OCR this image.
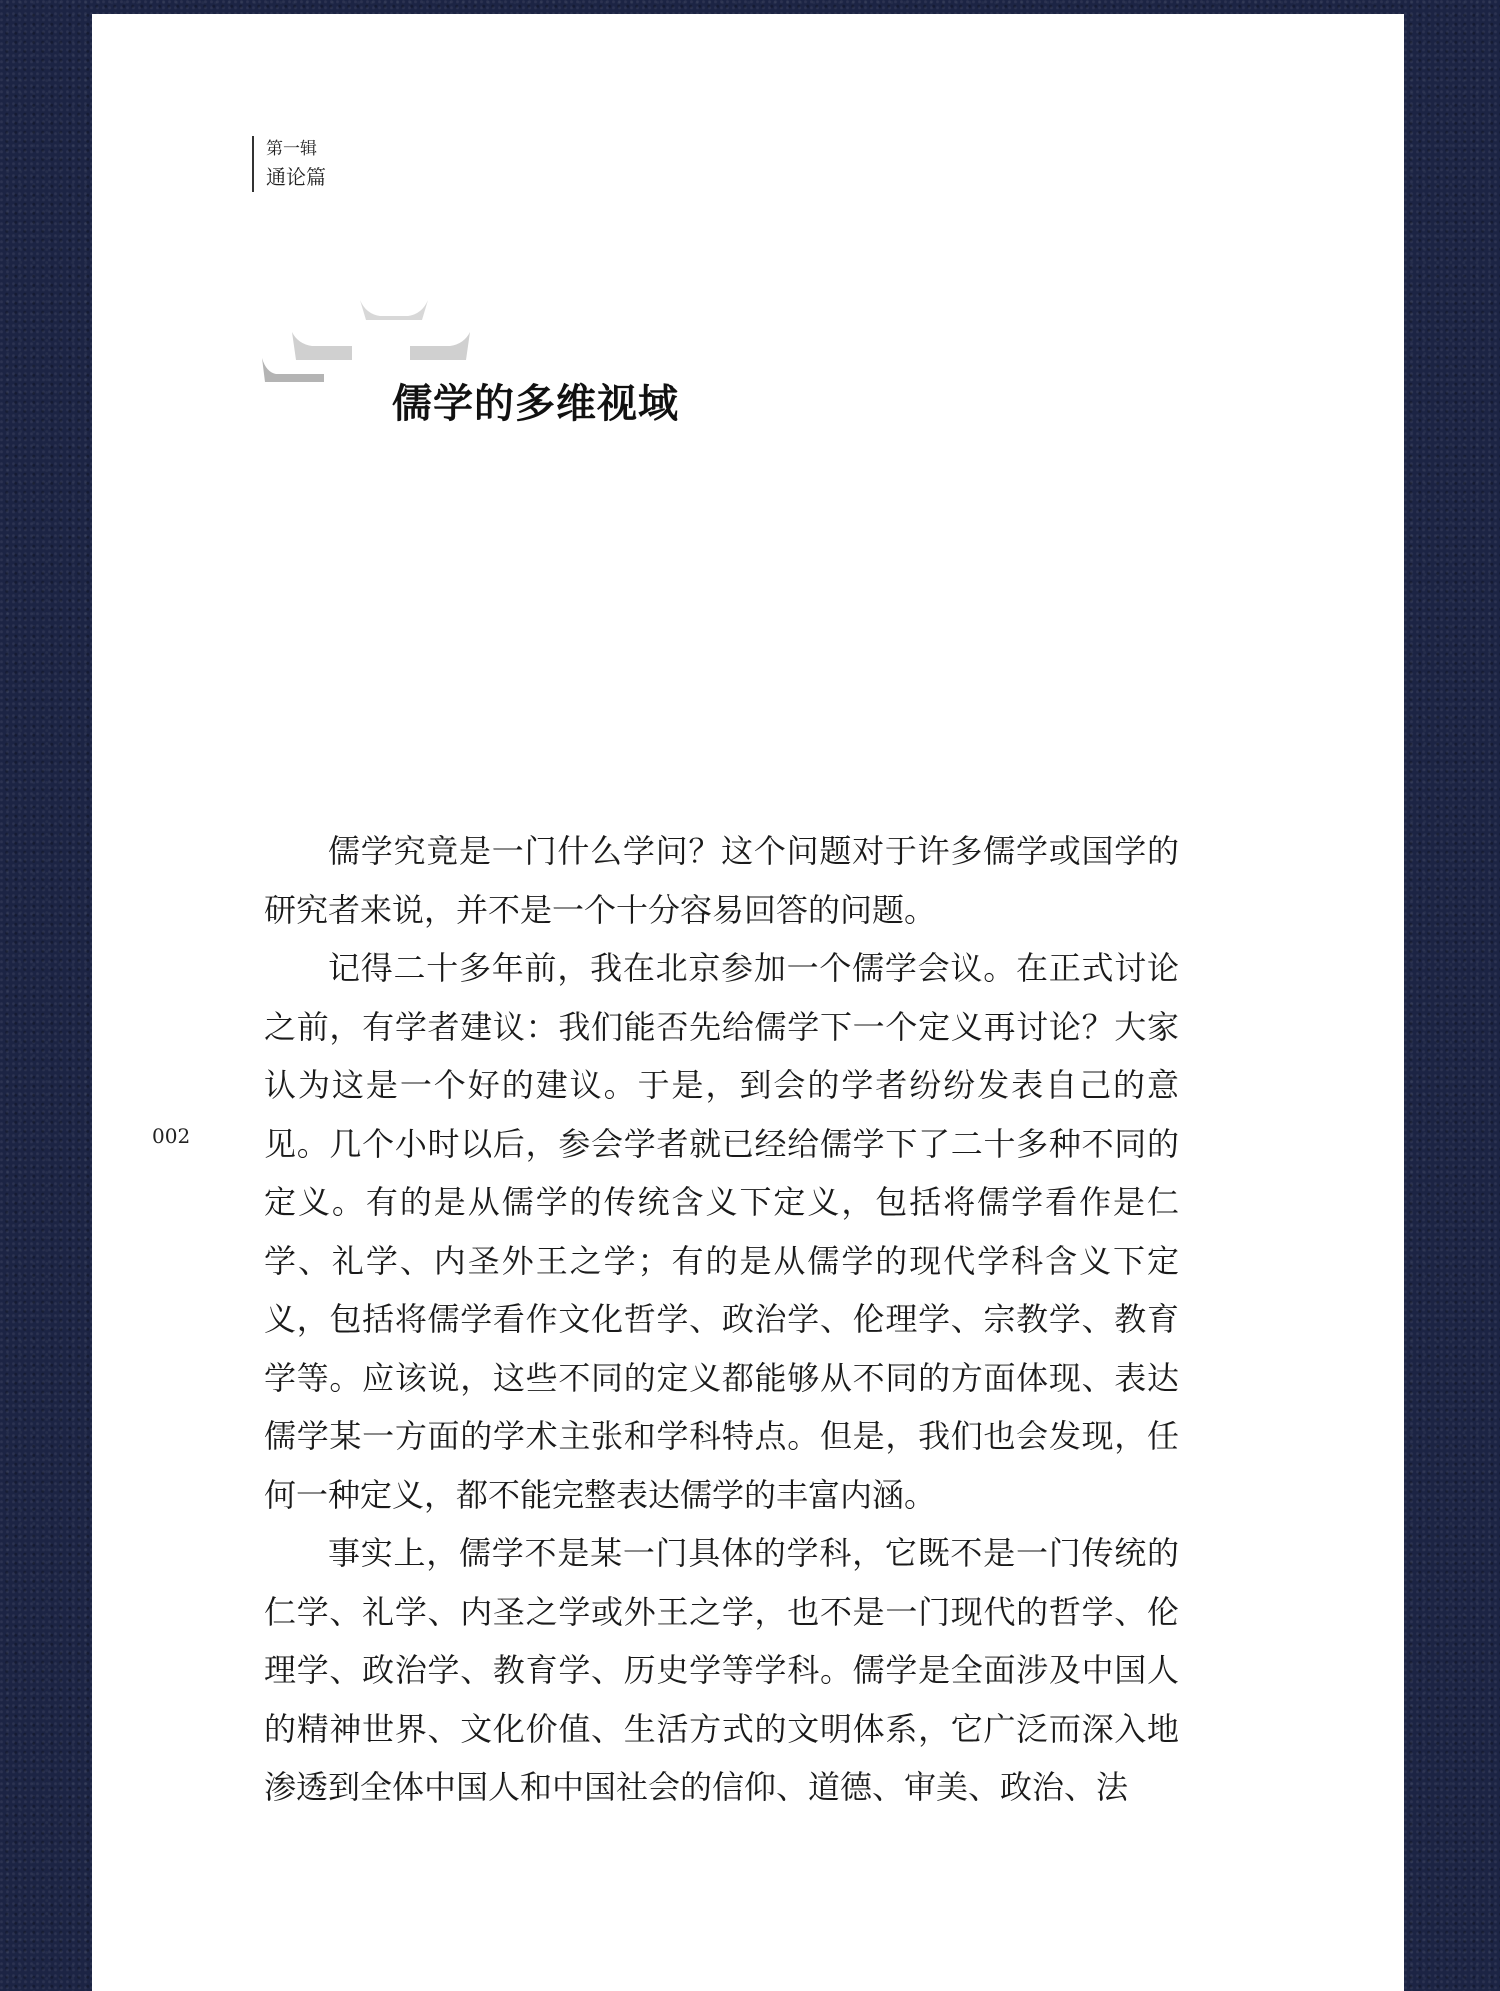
第一辑
通论篇
儒学的多维视域

儒学究竟是一门什么学问？这个问题对于许多儒学或国学的研究者来说，并不是一个十分容易回答的问题。

记得二十多年前，我在北京参加一个儒学会议。在正式讨论之前，有学者建议：我们能否先给儒学下一个定义再讨论？大家认为这是一个好的建议。于是，到会的学者纷纷发表自己的意见。几个小时以后，参会学者就已经给儒学下了二十多种不同的定义。有的是从儒学的传统含义下定义，包括将儒学看作是仁学、礼学、内圣外王之学；有的是从儒学的现代学科含义下定义，包括将儒学看作文化哲学、政治学、伦理学、宗教学、教育学等。应该说，这些不同的定义都能够从不同的方面体现、表达儒学某一方面的学术主张和学科特点。但是，我们也会发现，任何一种定义，都不能完整表达儒学的丰富内涵。

事实上，儒学不是某一门具体的学科，它既不是一门传统的仁学、礼学、内圣之学或外王之学，也不是一门现代的哲学、伦理学、政治学、教育学、历史学等学科。儒学是全面涉及中国人的精神世界、文化价值、生活方式的文明体系，它广泛而深入地渗透到全体中国人和中国社会的信仰、道德、审美、政治、法

002
